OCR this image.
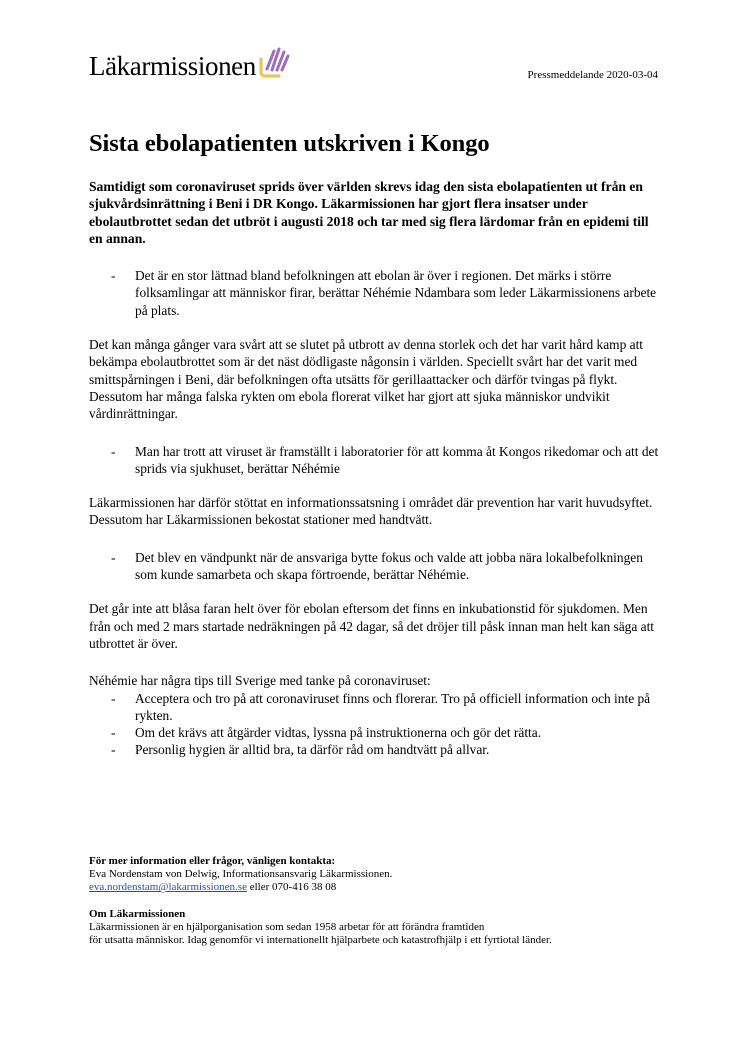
Läkarmissionen	Pressmeddelande 2020-03-04
Sista ebolapatienten utskriven i Kongo

Samtidigt som coronaviruset sprids över världen skrevs idag den sista ebolapatienten ut från en sjukvårdsinrättning i Beni i DR Kongo. Läkarmissionen har gjort flera insatser under ebolautbrottet sedan det utbröt i augusti 2018 och tar med sig flera lärdomar från en epidemi till en annan.

- Det är en stor lättnad bland befolkningen att ebolan är över i regionen. Det märks i större folksamlingar att människor firar, berättar Néhémie Ndambara som leder Läkarmissionens arbete på plats.

Det kan många gånger vara svårt att se slutet på utbrott av denna storlek och det har varit hård kamp att bekämpa ebolautbrottet som är det näst dödligaste någonsin i världen. Speciellt svårt har det varit med smittspårningen i Beni, där befolkningen ofta utsätts för gerillaattacker och därför tvingas på flykt. Dessutom har många falska rykten om ebola florerat vilket har gjort att sjuka människor undvikit vårdinrättningar.

- Man har trott att viruset är framställt i laboratorier för att komma åt Kongos rikedomar och att det sprids via sjukhuset, berättar Néhémie

Läkarmissionen har därför stöttat en informationssatsning i området där prevention har varit huvudsyftet. Dessutom har Läkarmissionen bekostat stationer med handtvätt.

- Det blev en vändpunkt när de ansvariga bytte fokus och valde att jobba nära lokalbefolkningen som kunde samarbeta och skapa förtroende, berättar Néhémie.

Det går inte att blåsa faran helt över för ebolan eftersom det finns en inkubationstid för sjukdomen. Men från och med 2 mars startade nedräkningen på 42 dagar, så det dröjer till påsk innan man helt kan säga att utbrottet är över.

Néhémie har några tips till Sverige med tanke på coronaviruset:

- Acceptera och tro på att coronaviruset finns och florerar. Tro på officiell information och inte på rykten.

- Om det krävs att åtgärder vidtas, lyssna på instruktionerna och gör det rätta.

- Personlig hygien är alltid bra, ta därför råd om handtvätt på allvar.

För mer information eller frågor, vänligen kontakta:

Eva Nordenstam von Delwig, Informationsansvarig Läkarmissionen.

eva.nordenstam@lakarmissionen.se eller 070-416 38 08

Om Läkarmissionen

Läkarmissionen är en hjälporganisation som sedan 1958 arbetar för att förändra framtiden

för utsatta människor. Idag genomför vi internationellt hjälparbete och katastrofhjälp i ett fyrtiotal länder.
